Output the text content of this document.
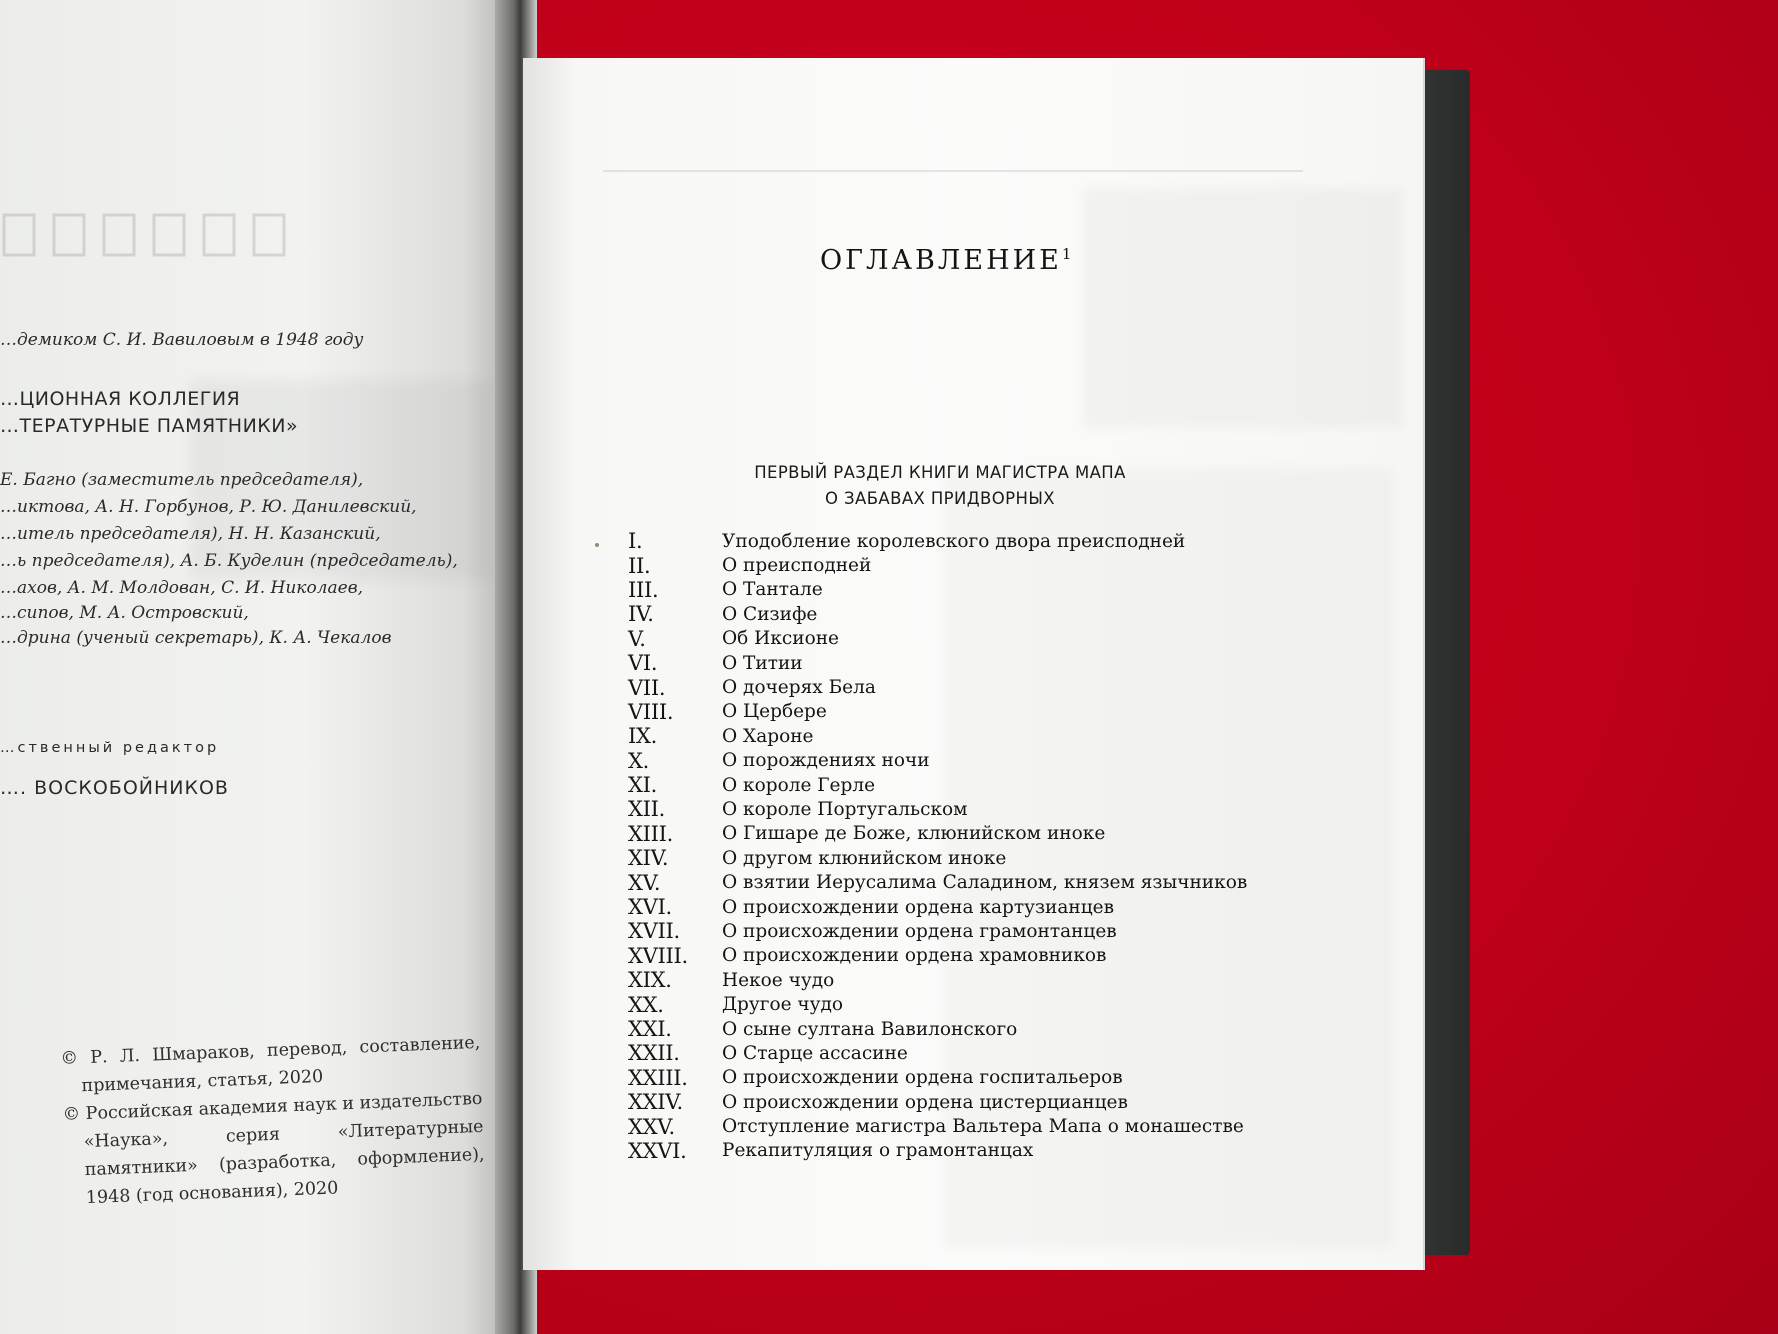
…демиком С. И. Вавиловым в 1948 году
…ЦИОННАЯ КОЛЛЕГИЯ
…ТЕРАТУРНЫЕ ПАМЯТНИКИ»
Е. Багно (заместитель председателя),
…иктова, А. Н. Горбунов, Р. Ю. Данилевский,
…итель председателя), Н. Н. Казанский,
…ь председателя), А. Б. Куделин (председатель),
…ахов, А. М. Молдован, С. И. Николаев,
…сипов, М. А. Островский,
…дрина (ученый секретарь), К. А. Чекалов
…ственный редактор
…. ВОСКОБОЙНИКОВ

© Р. Л. Шмараков, перевод, составление, примечания, статья, 2020

© Российская академия наук и издательство «Наука», серия «Литературные памятники» (разработка, оформление), 1948 (год основания), 2020

ОГЛАВЛЕНИЕ$^1$
ПЕРВЫЙ РАЗДЕЛ КНИГИ МАГИСТРА МАПА
О ЗАБАВАХ ПРИДВОРНЫХ
I.	Уподобление королевского двора преисподней
II.	О преисподней
III.	О Тантале
IV.	О Сизифе
V.	Об Иксионе
VI.	О Титии
VII.	О дочерях Бела
VIII.	О Цербере
IX.	О Хароне
X.	О порождениях ночи
XI.	О короле Герле
XII.	О короле Португальском
XIII.	О Гишаре де Боже, клюнийском иноке
XIV.	О другом клюнийском иноке
XV.	О взятии Иерусалима Саладином, князем язычников
XVI.	О происхождении ордена картузианцев
XVII.	О происхождении ордена грамонтанцев
XVIII.	О происхождении ордена храмовников
XIX.	Некое чудо
XX.	Другое чудо
XXI.	О сыне султана Вавилонского
XXII.	О Старце ассасине
XXIII.	О происхождении ордена госпитальеров
XXIV.	О происхождении ордена цистерцианцев
XXV.	Отступление магистра Вальтера Мапа о монашестве
XXVI.	Рекапитуляция о грамонтанцах
